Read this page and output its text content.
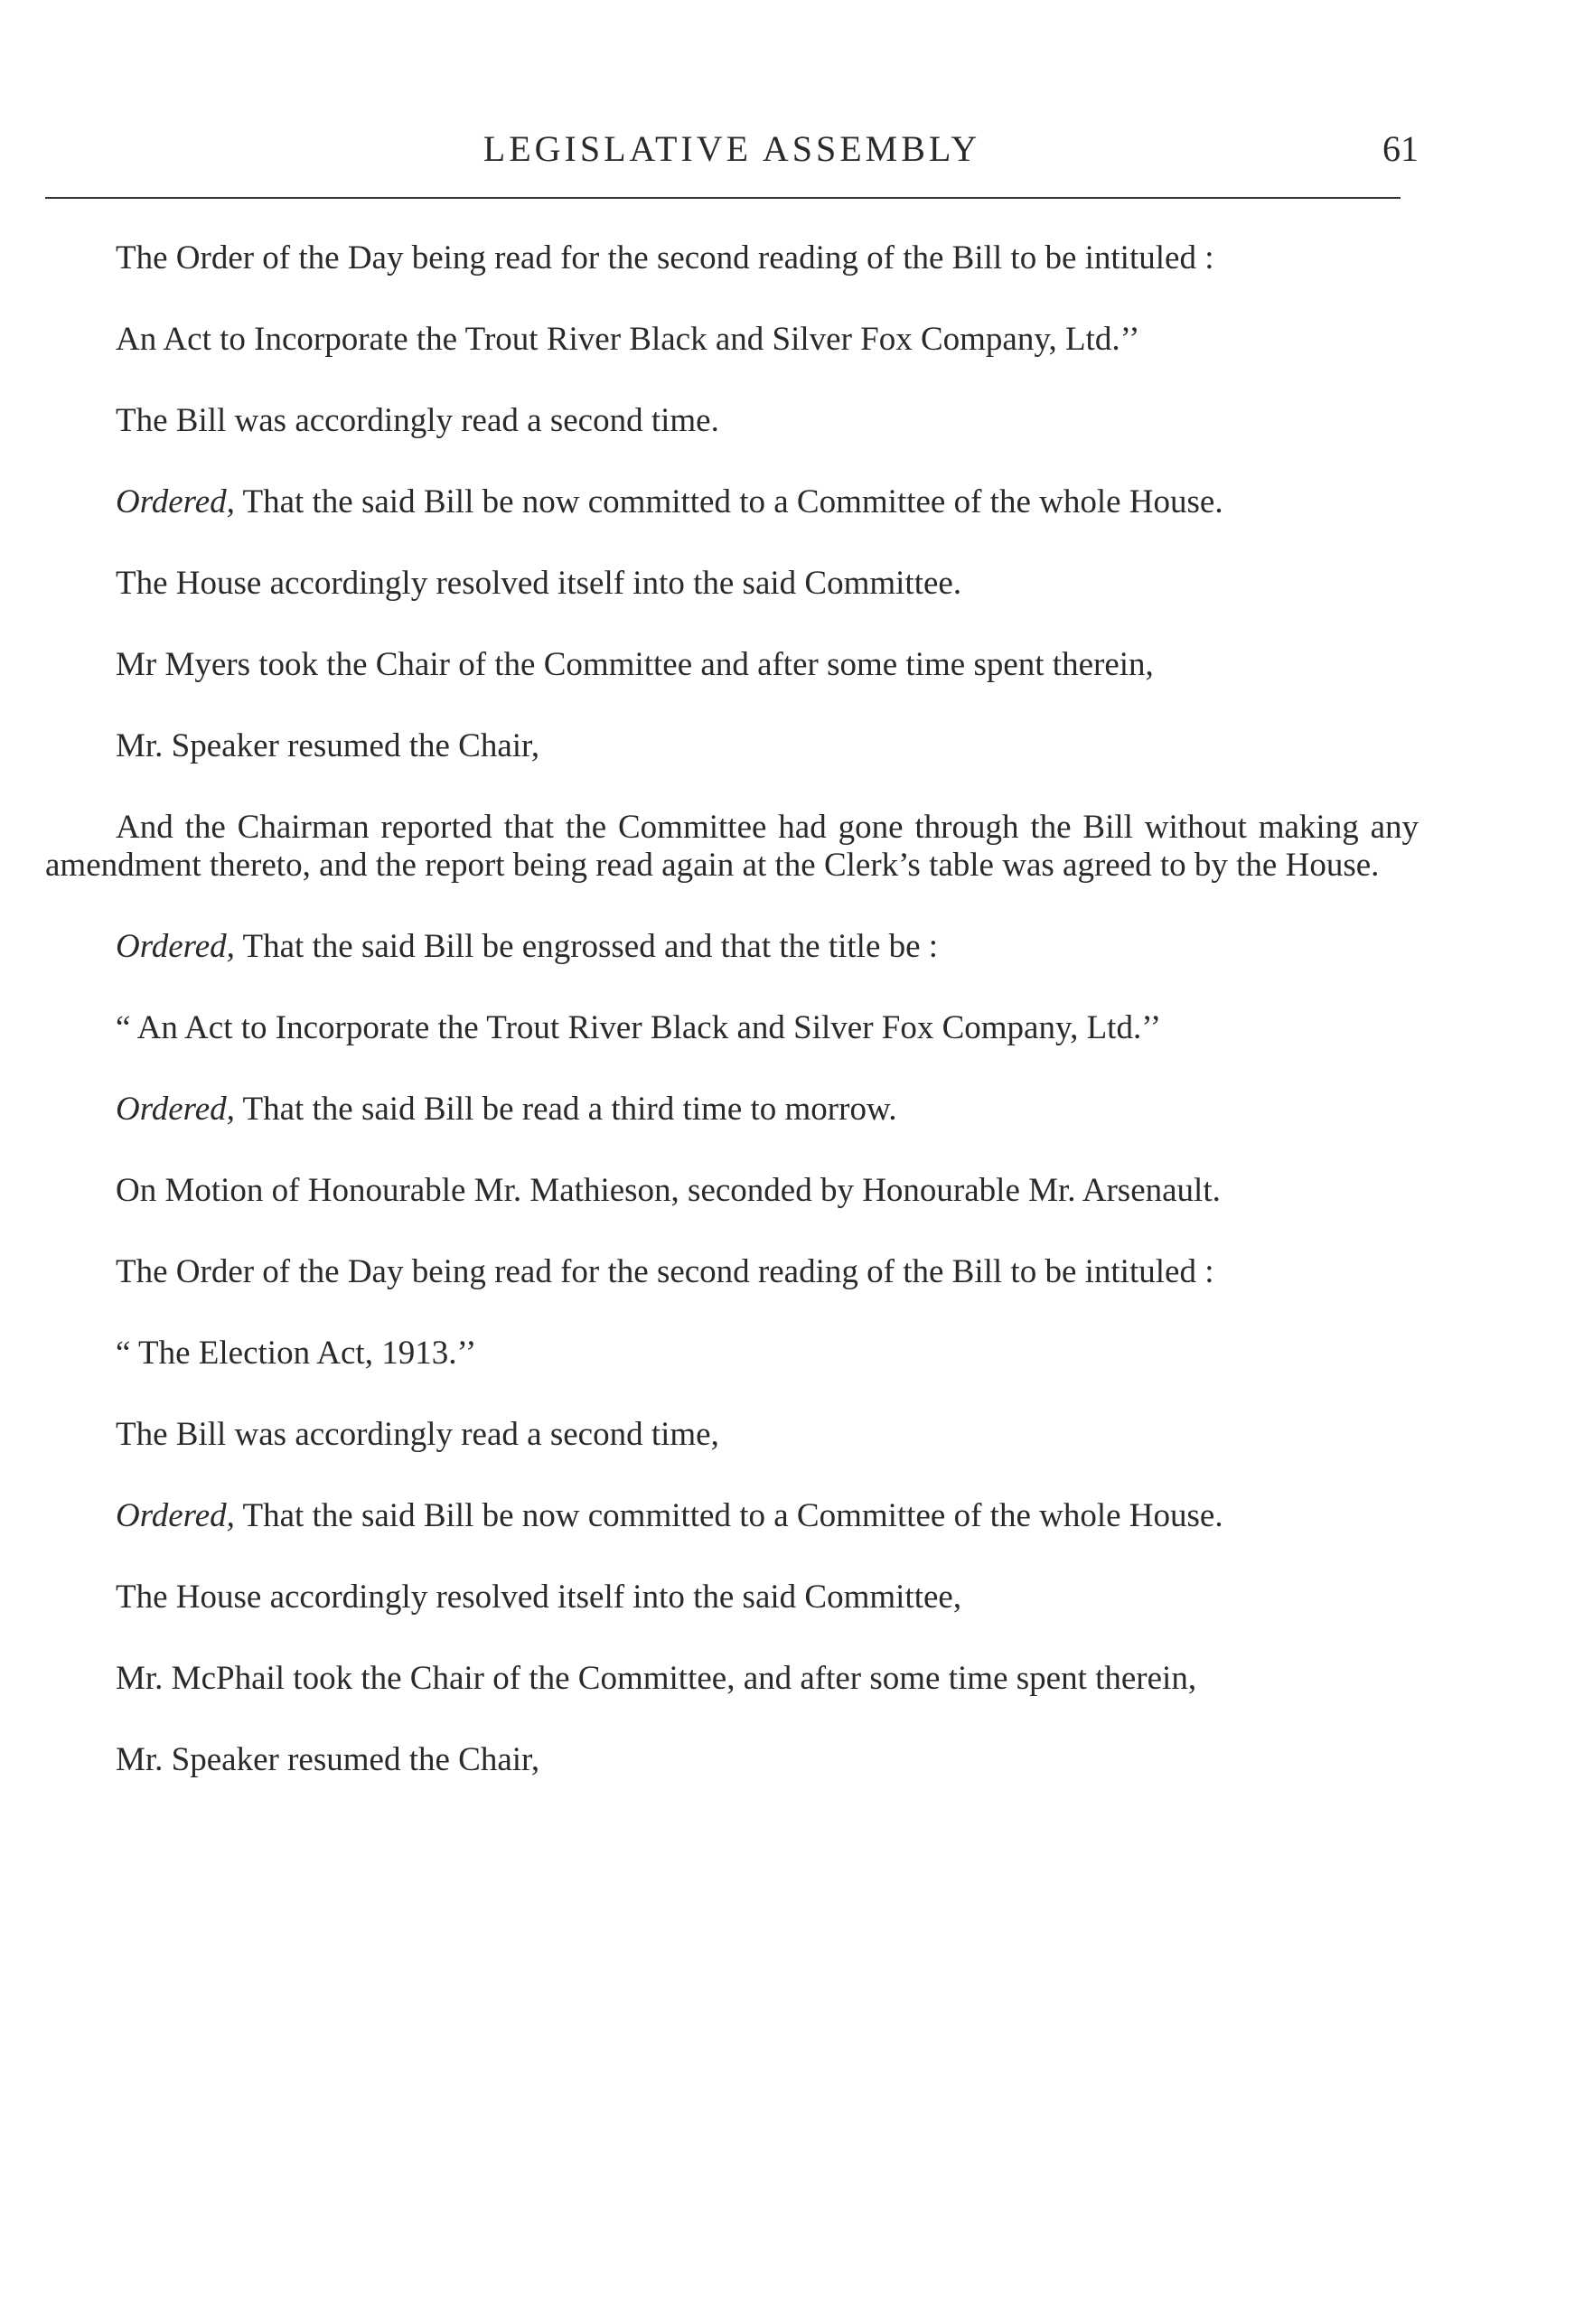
LEGISLATIVE ASSEMBLY	61

The Order of the Day being read for the second reading of the Bill to be intituled :

An Act to Incorporate the Trout River Black and Silver Fox Company, Ltd.’’

The Bill was accordingly read a second time.

Ordered, That the said Bill be now committed to a Committee of the whole House.

The House accordingly resolved itself into the said Committee.

Mr Myers took the Chair of the Committee and after some time spent therein,

Mr. Speaker resumed the Chair,

And the Chairman reported that the Committee had gone through the Bill without making any amendment thereto, and the report being read again at the Clerk’s table was agreed to by the House.

Ordered, That the said Bill be engrossed and that the title be :

“ An Act to Incorporate the Trout River Black and Silver Fox Company, Ltd.’’

Ordered, That the said Bill be read a third time to morrow.

On Motion of Honourable Mr. Mathieson, seconded by Honourable Mr. Arsenault.

The Order of the Day being read for the second reading of the Bill to be intituled :

“ The Election Act, 1913.’’

The Bill was accordingly read a second time,

Ordered, That the said Bill be now committed to a Committee of the whole House.

The House accordingly resolved itself into the said Committee,

Mr. McPhail took the Chair of the Committee, and after some time spent therein,

Mr. Speaker resumed the Chair,
